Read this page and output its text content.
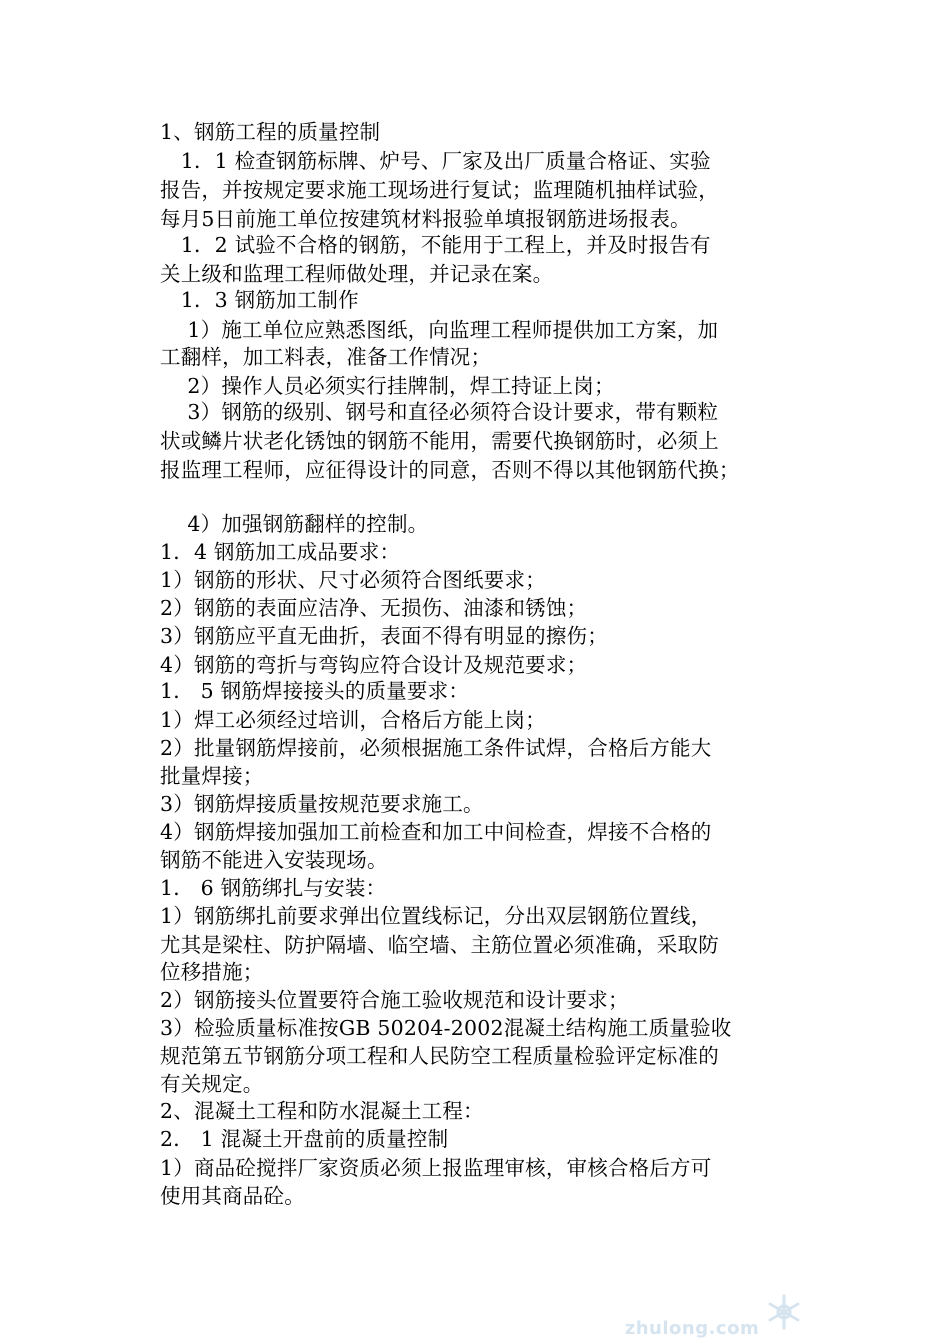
1、钢筋工程的质量控制
　1．1 检查钢筋标牌、炉号、厂家及出厂质量合格证、实验
报告，并按规定要求施工现场进行复试；监理随机抽样试验，
每月5日前施工单位按建筑材料报验单填报钢筋进场报表。
　1．2 试验不合格的钢筋，不能用于工程上，并及时报告有
关上级和监理工程师做处理，并记录在案。
　1．3 钢筋加工制作
　 1）施工单位应熟悉图纸，向监理工程师提供加工方案，加
工翻样，加工料表，准备工作情况；
　 2）操作人员必须实行挂牌制，焊工持证上岗；
　 3）钢筋的级别、钢号和直径必须符合设计要求，带有颗粒
状或鳞片状老化锈蚀的钢筋不能用，需要代换钢筋时，必须上
报监理工程师，应征得设计的同意，否则不得以其他钢筋代换；
　 4）加强钢筋翻样的控制。
1．4 钢筋加工成品要求：
1）钢筋的形状、尺寸必须符合图纸要求；
2）钢筋的表面应洁净、无损伤、油漆和锈蚀；
3）钢筋应平直无曲折，表面不得有明显的擦伤；
4）钢筋的弯折与弯钩应符合设计及规范要求；
1． 5 钢筋焊接接头的质量要求：
1）焊工必须经过培训，合格后方能上岗；
2）批量钢筋焊接前，必须根据施工条件试焊，合格后方能大
批量焊接；
3）钢筋焊接质量按规范要求施工。
4）钢筋焊接加强加工前检查和加工中间检查，焊接不合格的
钢筋不能进入安装现场。
1． 6 钢筋绑扎与安装：
1）钢筋绑扎前要求弹出位置线标记，分出双层钢筋位置线，
尤其是梁柱、防护隔墙、临空墙、主筋位置必须准确，采取防
位移措施；
2）钢筋接头位置要符合施工验收规范和设计要求；
3）检验质量标准按GB 50204-2002混凝土结构施工质量验收
规范第五节钢筋分项工程和人民防空工程质量检验评定标准的
有关规定。
2、混凝土工程和防水混凝土工程：
2． 1 混凝土开盘前的质量控制
1）商品砼搅拌厂家资质必须上报监理审核，审核合格后方可
使用其商品砼。
zhulong.com
